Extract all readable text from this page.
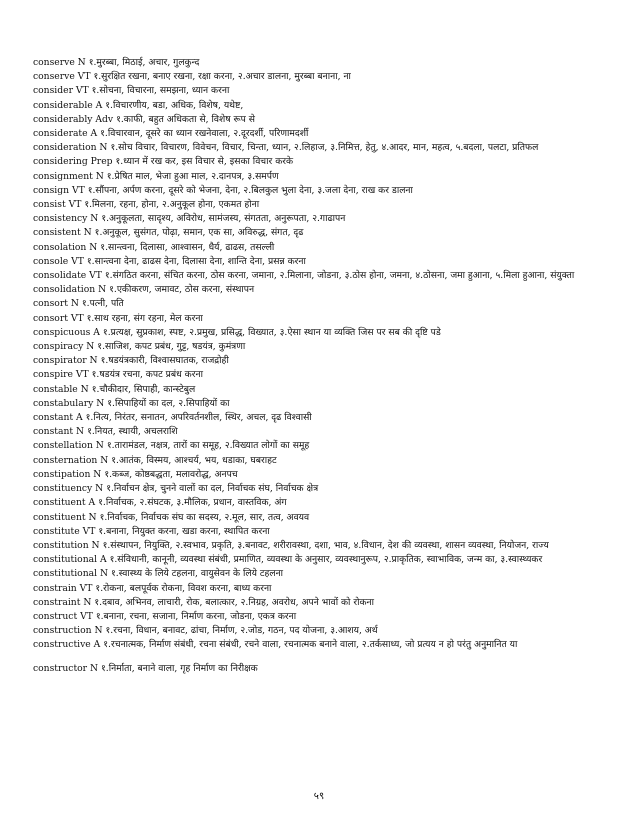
conserve N १.मुरब्बा, मिठाई, अचार, गुलकुन्द
conserve VT १.सुरक्षित रखना, बनाए रखना, रक्षा करना, २.अचार डालना, मुरब्बा बनाना, ना
consider VT १.सोचना, विचारना, समझना, ध्यान करना
considerable A १.विचारणीय, बडा, अधिक, विशेष, यथेष्ट,
considerably Adv १.काफी, बहुत अधिकता से, विशेष रूप से
considerate A १.विचारवान, दूसरे का ध्यान रखनेवाला, २.दूरदर्शी, परिणामदर्शी
consideration N १.सोच विचार, विचारण, विवेचन, विचार, चिन्ता, ध्यान, २.लिहाज, ३.निमित्त, हेतु, ४.आदर, मान, महत्व, ५.बदला, पलटा, प्रतिफल
considering Prep १.ध्यान में रख कर, इस विचार से, इसका विचार करके
consignment N १.प्रेषित माल, भेजा हुआ माल, २.दानपत्र, ३.समर्पण
consign VT १.सौंपना, अर्पण करना, दूसरे को भेजना, देना, २.बिलकुल भुला देना, ३.जला देना, राख कर डालना
consist VT १.मिलना, रहना, होना, २.अनुकूल होना, एकमत होना
consistency N १.अनुकूलता, सादृश्य, अविरोध, सामंजस्य, संगतता, अनुरूपता, २.गाढापन
consistent N १.अनुकूल, सुसंगत, पोढ़ा, समान, एक सा, अविरुद्ध, संगत, दृढ
consolation N १.सान्त्वना, दिलासा, आश्वासन, धैर्य, ढाढस, तसल्ली
console VT १.सान्त्वना देना, ढाढस देना, दिलासा देना, शान्ति देना, प्रसन्न करना
consolidate VT १.संगठित करना, संचित करना, ठोस करना, जमाना, २.मिलाना, जोडना, ३.ठोस होना, जमना, ४.ठोसना, जमा हुआना, ५.मिला हुआना, संयुक्ता
consolidation N १.एकीकरण, जमावट, ठोस करना, संस्थापन
consort N १.पत्नी, पति
consort VT १.साथ रहना, संग रहना, मेल करना
conspicuous A १.प्रत्यक्ष, सुप्रकाश, स्पष्ट, २.प्रमुख, प्रसिद्ध, विख्यात, ३.ऐसा स्थान या व्यक्ति जिस पर सब की दृष्टि पडे
conspiracy N १.साजिश, कपट प्रबंध, गुट्ट, षडयंत्र, कुमंत्रणा
conspirator N १.षडयंत्रकारी, विश्वासघातक, राजद्रोही
conspire VT १.षडयंत्र रचना, कपट प्रबंध करना
constable N १.चौकीदार, सिपाही, कान्स्टेबुल
constabulary N १.सिपाहियों का दल, २.सिपाहियों का
constant A १.नित्य, निरंतर, सनातन, अपरिवर्तनशील, स्थिर, अचल, दृढ विश्वासी
constant N १.नियत, स्थायी, अचलराशि
constellation N १.तारामंडल, नक्षत्र, तारों का समूह, २.विख्यात लोगों का समूह
consternation N १.आतंक, विस्मय, आश्चर्य, भय, धडाका, घबराहट
constipation N १.कब्ज, कोष्ठबद्धता, मलावरोद्ध, अनपच
constituency N १.निर्वाचन क्षेत्र, चुनने वालों का दल, निर्वाचक संघ, निर्वाचक क्षेत्र
constituent A १.निर्वाचक, २.संघटक, ३.मौलिक, प्रधान, वास्तविक, अंग
constituent N १.निर्वाचक, निर्वाचक संघ का सदस्य, २.मूल, सार, तत्व, अवयव
constitute VT १.बनाना, नियुक्त करना, खडा करना, स्थापित करना
constitution N १.संस्थापन, नियुक्ति, २.स्वभाव, प्रकृति, ३.बनावट, शरीरावस्था, दशा, भाव, ४.विधान, देश की व्यवस्था, शासन व्यवस्था, नियोजन, राज्य
constitutional A १.संविधानी, कानूनी, व्यवस्था संबंधी, प्रमाणित, व्यवस्था के अनुसार, व्यवस्थानुरूप, २.प्राकृतिक, स्वाभाविक, जन्म का, ३.स्वास्थ्यकर
constitutional N १.स्वास्थ्य के लिये टहलना, वायुसेवन के लिये टहलना
constrain VT १.रोकना, बलपूर्वक रोकना, विवश करना, बाध्य करना
constraint N १.दबाव, अभिनव, लाचारी, रोक, बलात्कार, २.निग्रह, अवरोध, अपने भावों को रोकना
construct VT १.बनाना, रचना, सजाना, निर्माण करना, जोडना, एकत्र करना
construction N १.रचना, विधान, बनावट, ढांचा, निर्माण, २.जोड, गठन, पद योजना, ३.आशय, अर्थ
constructive A १.रचनात्मक, निर्माण संबंधी, रचना संबंधी, रचने वाला, रचनात्मक बनाने वाला, २.तर्कसाध्य, जो प्रत्यय न हो परंतु अनुमानित या
constructor N १.निर्माता, बनाने वाला, गृह निर्माण का निरीक्षक
५९
